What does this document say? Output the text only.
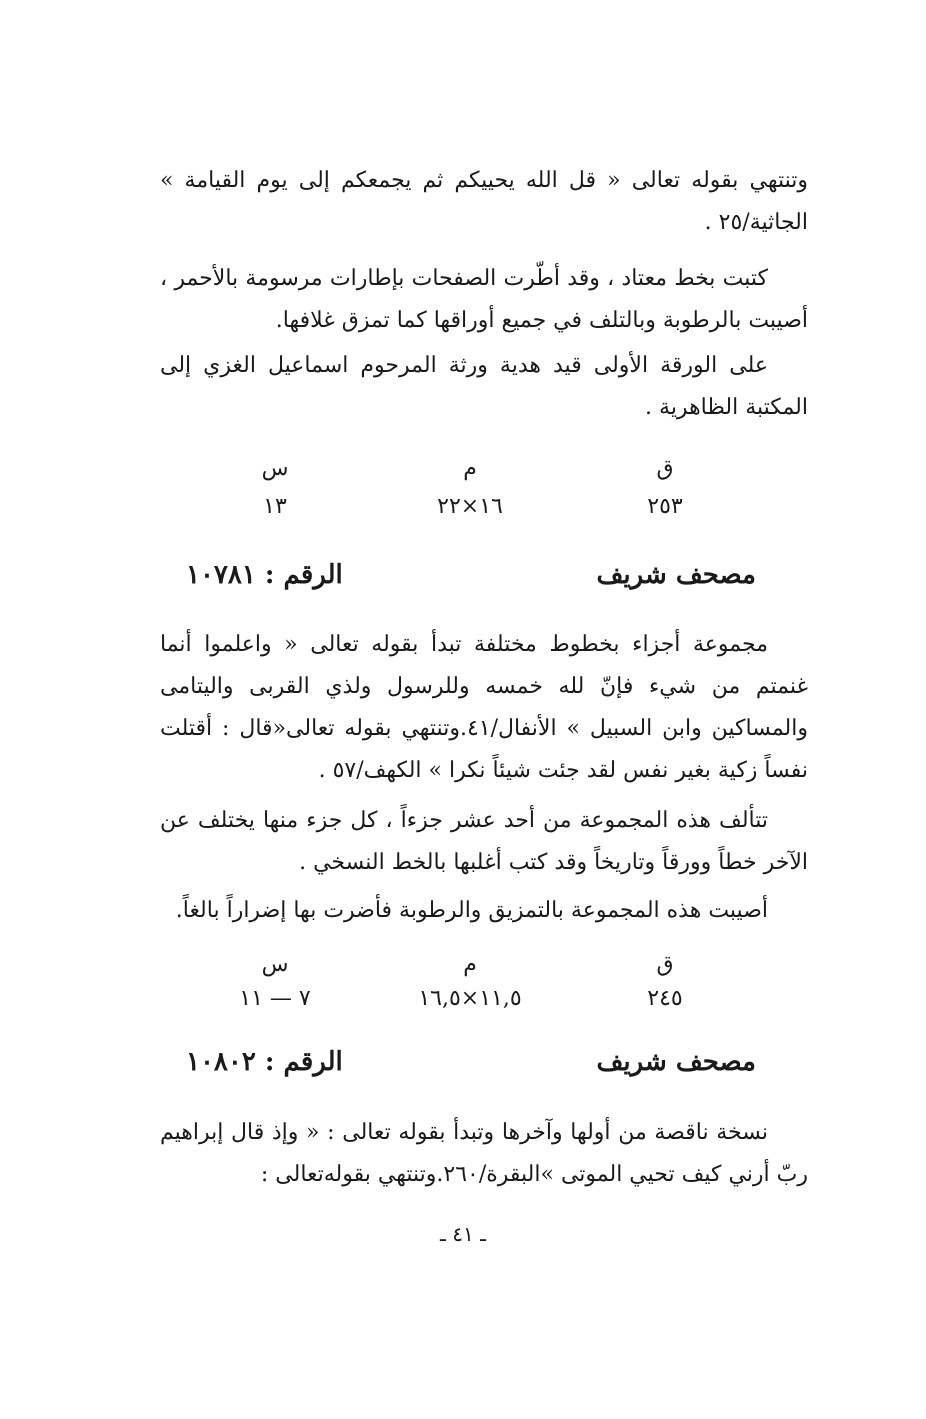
وتنتهي بقوله تعالى « قل الله يحييكم ثم يجمعكم إلى يوم القيامة » الجاثية/٢٥ .

كتبت بخط معتاد ، وقد أطّرت الصفحات بإطارات مرسومة بالأحمر ، أصيبت بالرطوبة وبالتلف في جميع أوراقها كما تمزق غلافها.

على الورقة الأولى قيد هدية ورثة المرحوم اسماعيل الغزي إلى المكتبة الظاهرية .

ق
م
س
٢٥٣
١٦×٢٢
١٣
مصحف شريف
الرقم : ١٠٧٨١

مجموعة أجزاء بخطوط مختلفة تبدأ بقوله تعالى « واعلموا أنما غنمتم من شيء فإنّ لله خمسه وللرسول ولذي القربى واليتامى والمساكين وابن السبيل » الأنفال/٤١.وتنتهي بقوله تعالى«قال : أقتلت نفساً زكية بغير نفس لقد جئت شيئاً نكرا » الكهف/٥٧ .

تتألف هذه المجموعة من أحد عشر جزءاً ، كل جزء منها يختلف عن الآخر خطاً وورقاً وتاريخاً وقد كتب أغلبها بالخط النسخي .

أصيبت هذه المجموعة بالتمزيق والرطوبة فأضرت بها إضراراً بالغاً.

ق
م
س
٢٤٥
١١,٥×١٦,٥
٧ — ١١
مصحف شريف
الرقم : ١٠٨٠٢

نسخة ناقصة من أولها وآخرها وتبدأ بقوله تعالى : « وإذ قال إبراهيم ربّ أرني كيف تحيي الموتى »البقرة/٢٦٠.وتنتهي بقوله‌تعالى :

ـ ٤١ ـ
